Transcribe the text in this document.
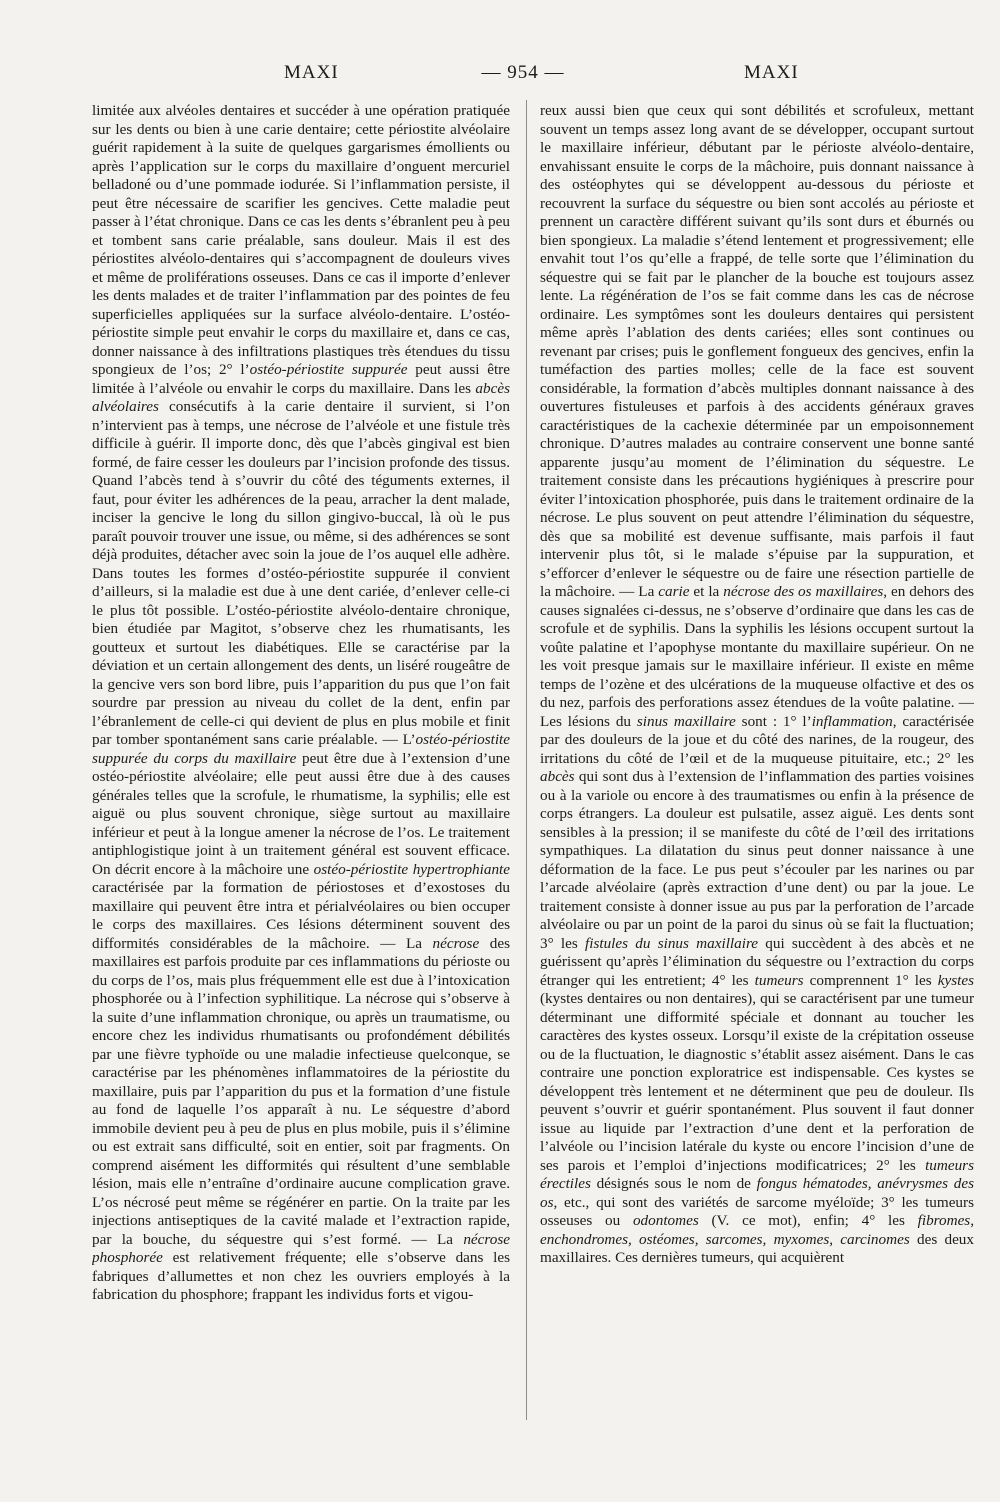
MAXI	— 954 —	MAXI

limitée aux alvéoles dentaires et succéder à une opération pratiquée sur les dents ou bien à une carie dentaire; cette périostite alvéolaire guérit rapidement à la suite de quelques gargarismes émollients ou après l’application sur le corps du maxillaire d’onguent mercuriel belladoné ou d’une pommade iodurée. Si l’inflammation persiste, il peut être nécessaire de scarifier les gencives. Cette maladie peut passer à l’état chronique. Dans ce cas les dents s’ébranlent peu à peu et tombent sans carie préalable, sans douleur. Mais il est des périostites alvéolo-dentaires qui s’accompagnent de douleurs vives et même de proliférations osseuses. Dans ce cas il importe d’enlever les dents malades et de traiter l’inflammation par des pointes de feu superficielles appliquées sur la surface alvéolo-dentaire. L’ostéo-périostite simple peut envahir le corps du maxillaire et, dans ce cas, donner naissance à des infiltrations plastiques très étendues du tissu spongieux de l’os; 2° l’ostéo-périostite suppurée peut aussi être limitée à l’alvéole ou envahir le corps du maxillaire. Dans les abcès alvéolaires consécutifs à la carie dentaire il survient, si l’on n’intervient pas à temps, une nécrose de l’alvéole et une fistule très difficile à guérir. Il importe donc, dès que l’abcès gingival est bien formé, de faire cesser les douleurs par l’incision profonde des tissus. Quand l’abcès tend à s’ouvrir du côté des téguments externes, il faut, pour éviter les adhérences de la peau, arracher la dent malade, inciser la gencive le long du sillon gingivo-buccal, là où le pus paraît pouvoir trouver une issue, ou même, si des adhérences se sont déjà produites, détacher avec soin la joue de l’os auquel elle adhère. Dans toutes les formes d’ostéo-périostite suppurée il convient d’ailleurs, si la maladie est due à une dent cariée, d’enlever celle-ci le plus tôt possible. L’ostéo-périostite alvéolo-dentaire chronique, bien étudiée par Magitot, s’observe chez les rhumatisants, les goutteux et surtout les diabétiques. Elle se caractérise par la déviation et un certain allongement des dents, un liséré rougeâtre de la gencive vers son bord libre, puis l’apparition du pus que l’on fait sourdre par pression au niveau du collet de la dent, enfin par l’ébranlement de celle-ci qui devient de plus en plus mobile et finit par tomber spontanément sans carie préalable. — L’ostéo-périostite suppurée du corps du maxillaire peut être due à l’extension d’une ostéo-périostite alvéolaire; elle peut aussi être due à des causes générales telles que la scrofule, le rhumatisme, la syphilis; elle est aiguë ou plus souvent chronique, siège surtout au maxillaire inférieur et peut à la longue amener la nécrose de l’os. Le traitement antiphlogistique joint à un traitement général est souvent efficace. On décrit encore à la mâchoire une ostéo-périostite hypertrophiante caractérisée par la formation de périostoses et d’exostoses du maxillaire qui peuvent être intra et périalvéolaires ou bien occuper le corps des maxillaires. Ces lésions déterminent souvent des difformités considérables de la mâchoire. — La nécrose des maxillaires est parfois produite par ces inflammations du périoste ou du corps de l’os, mais plus fréquemment elle est due à l’intoxication phosphorée ou à l’infection syphilitique. La nécrose qui s’observe à la suite d’une inflammation chronique, ou après un traumatisme, ou encore chez les individus rhumatisants ou profondément débilités par une fièvre typhoïde ou une maladie infectieuse quelconque, se caractérise par les phénomènes inflammatoires de la périostite du maxillaire, puis par l’apparition du pus et la formation d’une fistule au fond de laquelle l’os apparaît à nu. Le séquestre d’abord immobile devient peu à peu de plus en plus mobile, puis il s’élimine ou est extrait sans difficulté, soit en entier, soit par fragments. On comprend aisément les difformités qui résultent d’une semblable lésion, mais elle n’entraîne d’ordinaire aucune complication grave. L’os nécrosé peut même se régénérer en partie. On la traite par les injections antiseptiques de la cavité malade et l’extraction rapide, par la bouche, du séquestre qui s’est formé. — La nécrose phosphorée est relativement fréquente; elle s’observe dans les fabriques d’allumettes et non chez les ouvriers employés à la fabrication du phosphore; frappant les individus forts et vigou-

reux aussi bien que ceux qui sont débilités et scrofuleux, mettant souvent un temps assez long avant de se développer, occupant surtout le maxillaire inférieur, débutant par le périoste alvéolo-dentaire, envahissant ensuite le corps de la mâchoire, puis donnant naissance à des ostéophytes qui se développent au-dessous du périoste et recouvrent la surface du séquestre ou bien sont accolés au périoste et prennent un caractère différent suivant qu’ils sont durs et éburnés ou bien spongieux. La maladie s’étend lentement et progressivement; elle envahit tout l’os qu’elle a frappé, de telle sorte que l’élimination du séquestre qui se fait par le plancher de la bouche est toujours assez lente. La régénération de l’os se fait comme dans les cas de nécrose ordinaire. Les symptômes sont les douleurs dentaires qui persistent même après l’ablation des dents cariées; elles sont continues ou revenant par crises; puis le gonflement fongueux des gencives, enfin la tuméfaction des parties molles; celle de la face est souvent considérable, la formation d’abcès multiples donnant naissance à des ouvertures fistuleuses et parfois à des accidents généraux graves caractéristiques de la cachexie déterminée par un empoisonnement chronique. D’autres malades au contraire conservent une bonne santé apparente jusqu’au moment de l’élimination du séquestre. Le traitement consiste dans les précautions hygiéniques à prescrire pour éviter l’intoxication phosphorée, puis dans le traitement ordinaire de la nécrose. Le plus souvent on peut attendre l’élimination du séquestre, dès que sa mobilité est devenue suffisante, mais parfois il faut intervenir plus tôt, si le malade s’épuise par la suppuration, et s’efforcer d’enlever le séquestre ou de faire une résection partielle de la mâchoire. — La carie et la nécrose des os maxillaires, en dehors des causes signalées ci-dessus, ne s’observe d’ordinaire que dans les cas de scrofule et de syphilis. Dans la syphilis les lésions occupent surtout la voûte palatine et l’apophyse montante du maxillaire supérieur. On ne les voit presque jamais sur le maxillaire inférieur. Il existe en même temps de l’ozène et des ulcérations de la muqueuse olfactive et des os du nez, parfois des perforations assez étendues de la voûte palatine. — Les lésions du sinus maxillaire sont : 1° l’inflammation, caractérisée par des douleurs de la joue et du côté des narines, de la rougeur, des irritations du côté de l’œil et de la muqueuse pituitaire, etc.; 2° les abcès qui sont dus à l’extension de l’inflammation des parties voisines ou à la variole ou encore à des traumatismes ou enfin à la présence de corps étrangers. La douleur est pulsatile, assez aiguë. Les dents sont sensibles à la pression; il se manifeste du côté de l’œil des irritations sympathiques. La dilatation du sinus peut donner naissance à une déformation de la face. Le pus peut s’écouler par les narines ou par l’arcade alvéolaire (après extraction d’une dent) ou par la joue. Le traitement consiste à donner issue au pus par la perforation de l’arcade alvéolaire ou par un point de la paroi du sinus où se fait la fluctuation; 3° les fistules du sinus maxillaire qui succèdent à des abcès et ne guérissent qu’après l’élimination du séquestre ou l’extraction du corps étranger qui les entretient; 4° les tumeurs comprennent 1° les kystes (kystes dentaires ou non dentaires), qui se caractérisent par une tumeur déterminant une difformité spéciale et donnant au toucher les caractères des kystes osseux. Lorsqu’il existe de la crépitation osseuse ou de la fluctuation, le diagnostic s’établit assez aisément. Dans le cas contraire une ponction exploratrice est indispensable. Ces kystes se développent très lentement et ne déterminent que peu de douleur. Ils peuvent s’ouvrir et guérir spontanément. Plus souvent il faut donner issue au liquide par l’extraction d’une dent et la perforation de l’alvéole ou l’incision latérale du kyste ou encore l’incision d’une de ses parois et l’emploi d’injections modificatrices; 2° les tumeurs érectiles désignés sous le nom de fongus hématodes, anévrysmes des os, etc., qui sont des variétés de sarcome myéloïde; 3° les tumeurs osseuses ou odontomes (V. ce mot), enfin; 4° les fibromes, enchondromes, ostéomes, sarcomes, myxomes, carcinomes des deux maxillaires. Ces dernières tumeurs, qui acquièrent
